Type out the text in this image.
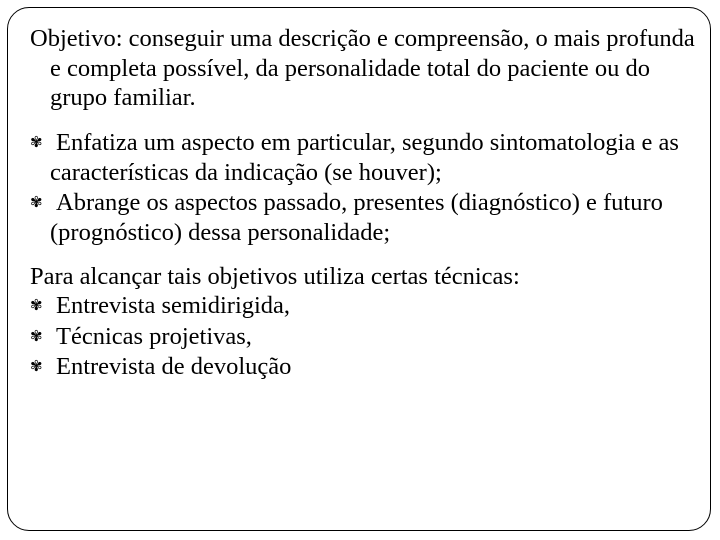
Objetivo: conseguir uma descrição e compreensão, o mais profunda e completa possível, da personalidade total do paciente ou do grupo familiar.

✾ Enfatiza um aspecto em particular, segundo sintomatologia e as características da indicação (se houver);

✾ Abrange os aspectos passado, presentes (diagnóstico) e futuro (prognóstico) dessa personalidade;

Para alcançar tais objetivos utiliza certas técnicas:

✾ Entrevista semidirigida,

✾ Técnicas projetivas,

✾ Entrevista de devolução
